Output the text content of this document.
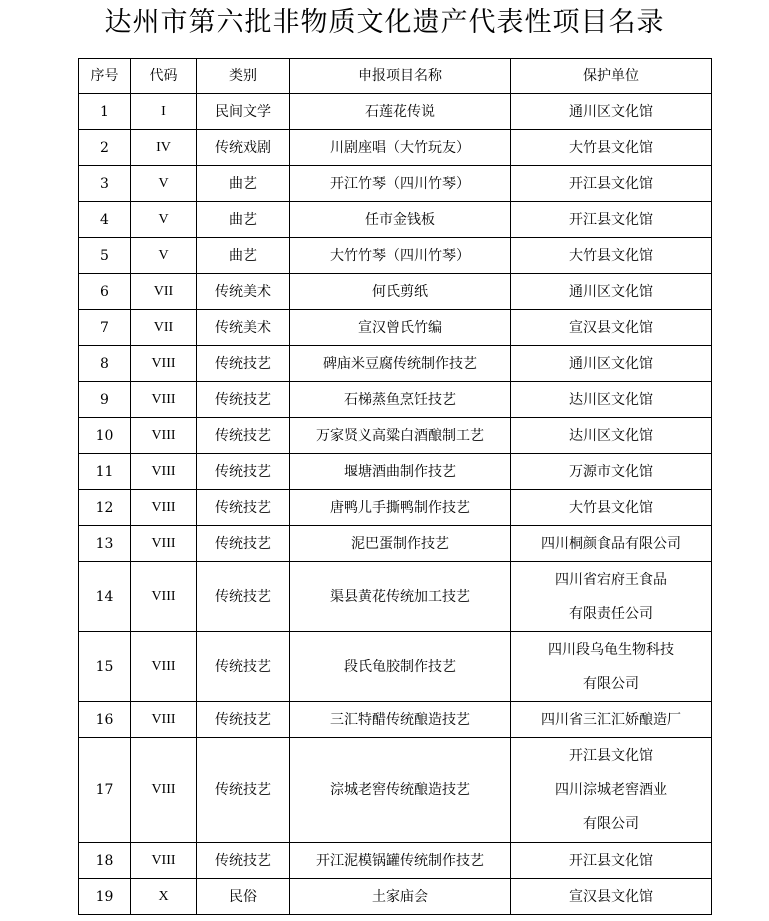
达州市第六批非物质文化遗产代表性项目名录
序号	代码	类别	申报项目名称	保护单位
1	I	民间文学	石莲花传说	通川区文化馆

2	IV	传统戏剧	川剧座唱（大竹玩友）	大竹县文化馆

3	V	曲艺	开江竹琴（四川竹琴）	开江县文化馆

4	V	曲艺	任市金钱板	开江县文化馆

5	V	曲艺	大竹竹琴（四川竹琴）	大竹县文化馆

6	VII	传统美术	何氏剪纸	通川区文化馆

7	VII	传统美术	宣汉曾氏竹编	宣汉县文化馆

8	VIII	传统技艺	碑庙米豆腐传统制作技艺	通川区文化馆

9	VIII	传统技艺	石梯蒸鱼烹饪技艺	达川区文化馆

10	VIII	传统技艺	万家贤义高粱白酒酿制工艺	达川区文化馆

11	VIII	传统技艺	堰塘酒曲制作技艺	万源市文化馆

12	VIII	传统技艺	唐鸭儿手撕鸭制作技艺	大竹县文化馆

13	VIII	传统技艺	泥巴蛋制作技艺	四川桐颜食品有限公司

14	VIII	传统技艺	渠县黄花传统加工技艺	四川省宕府王食品
有限责任公司

15	VIII	传统技艺	段氏龟胶制作技艺	四川段乌龟生物科技
有限公司

16	VIII	传统技艺	三汇特醋传统酿造技艺	四川省三汇汇娇酿造厂

17	VIII	传统技艺	淙城老窖传统酿造技艺	开江县文化馆
四川淙城老窖酒业
有限公司

18	VIII	传统技艺	开江泥模锅罐传统制作技艺	开江县文化馆

19	X	民俗	土家庙会	宣汉县文化馆
